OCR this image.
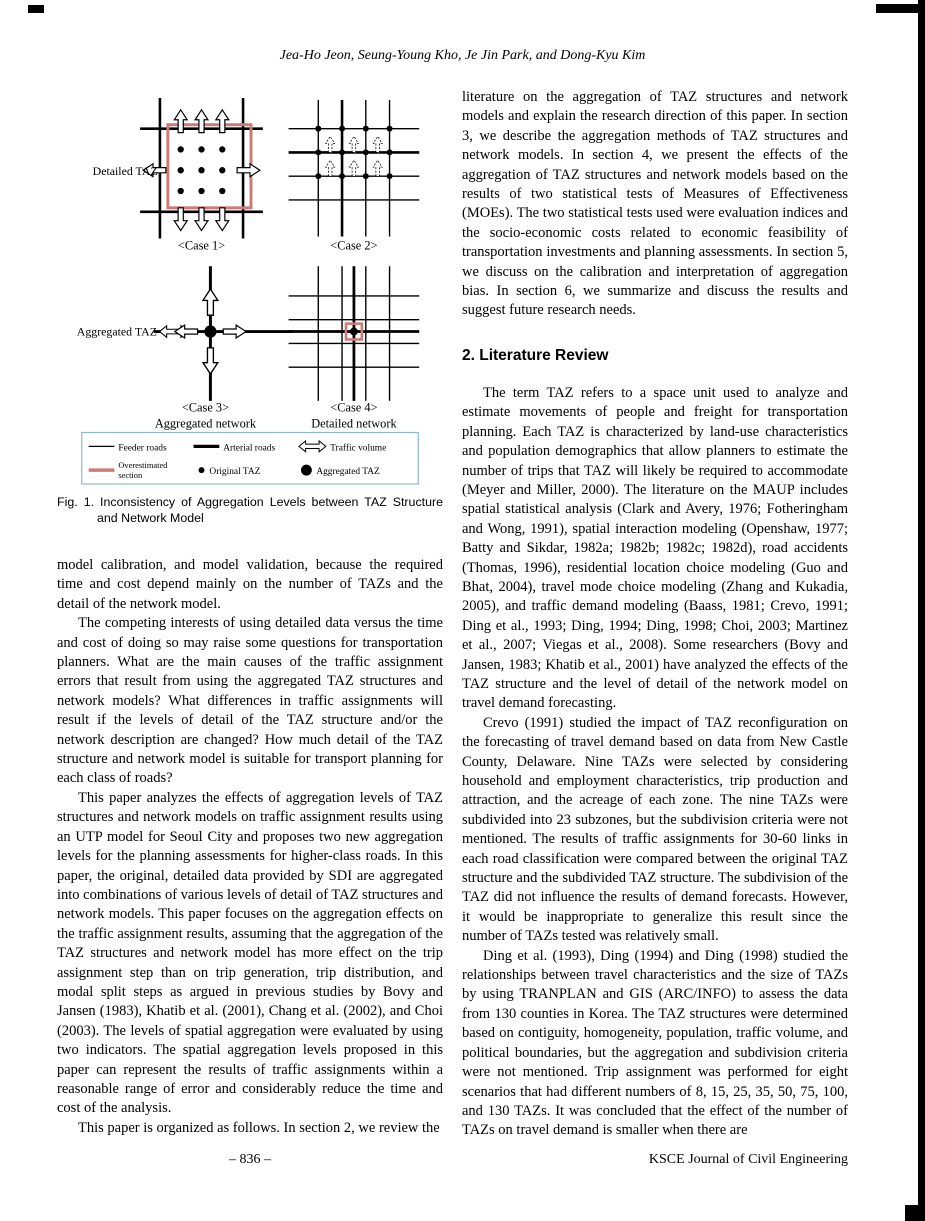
Jea-Ho Jeon, Seung-Young Kho, Je Jin Park, and Dong-Kyu Kim
Detailed TAZ
<Case 1>	<Case 2>
Aggregated TAZ
<Case 3>
Aggregated network
<Case 4>
Detailed network
Feeder roads	Arterial roads	Traffic volume
Overestimated
section	Original TAZ	Aggregated TAZ
Fig. 1. Inconsistency of Aggregation Levels between TAZ Structure and Network Model

model calibration, and model validation, because the required time and cost depend mainly on the number of TAZs and the detail of the network model.

The competing interests of using detailed data versus the time and cost of doing so may raise some questions for transportation planners. What are the main causes of the traffic assignment errors that result from using the aggregated TAZ structures and network models? What differences in traffic assignments will result if the levels of detail of the TAZ structure and/or the network description are changed? How much detail of the TAZ structure and network model is suitable for transport planning for each class of roads?

This paper analyzes the effects of aggregation levels of TAZ structures and network models on traffic assignment results using an UTP model for Seoul City and proposes two new aggregation levels for the planning assessments for higher-class roads. In this paper, the original, detailed data provided by SDI are aggregated into combinations of various levels of detail of TAZ structures and network models. This paper focuses on the aggregation effects on the traffic assignment results, assuming that the aggregation of the TAZ structures and network model has more effect on the trip assignment step than on trip generation, trip distribution, and modal split steps as argued in previous studies by Bovy and Jansen (1983), Khatib et al. (2001), Chang et al. (2002), and Choi (2003). The levels of spatial aggregation were evaluated by using two indicators. The spatial aggregation levels proposed in this paper can represent the results of traffic assignments within a reasonable range of error and considerably reduce the time and cost of the analysis.

This paper is organized as follows. In section 2, we review the

literature on the aggregation of TAZ structures and network models and explain the research direction of this paper. In section 3, we describe the aggregation methods of TAZ structures and network models. In section 4, we present the effects of the aggregation of TAZ structures and network models based on the results of two statistical tests of Measures of Effectiveness (MOEs). The two statistical tests used were evaluation indices and the socio-economic costs related to economic feasibility of transportation investments and planning assessments. In section 5, we discuss on the calibration and interpretation of aggregation bias. In section 6, we summarize and discuss the results and suggest future research needs.

2. Literature Review

The term TAZ refers to a space unit used to analyze and estimate movements of people and freight for transportation planning. Each TAZ is characterized by land-use characteristics and population demographics that allow planners to estimate the number of trips that TAZ will likely be required to accommodate (Meyer and Miller, 2000). The literature on the MAUP includes spatial statistical analysis (Clark and Avery, 1976; Fotheringham and Wong, 1991), spatial interaction modeling (Openshaw, 1977; Batty and Sikdar, 1982a; 1982b; 1982c; 1982d), road accidents (Thomas, 1996), residential location choice modeling (Guo and Bhat, 2004), travel mode choice modeling (Zhang and Kukadia, 2005), and traffic demand modeling (Baass, 1981; Crevo, 1991; Ding et al., 1993; Ding, 1994; Ding, 1998; Choi, 2003; Martinez et al., 2007; Viegas et al., 2008). Some researchers (Bovy and Jansen, 1983; Khatib et al., 2001) have analyzed the effects of the TAZ structure and the level of detail of the network model on travel demand forecasting.

Crevo (1991) studied the impact of TAZ reconfiguration on the forecasting of travel demand based on data from New Castle County, Delaware. Nine TAZs were selected by considering household and employment characteristics, trip production and attraction, and the acreage of each zone. The nine TAZs were subdivided into 23 subzones, but the subdivision criteria were not mentioned. The results of traffic assignments for 30-60 links in each road classification were compared between the original TAZ structure and the subdivided TAZ structure. The subdivision of the TAZ did not influence the results of demand forecasts. However, it would be inappropriate to generalize this result since the number of TAZs tested was relatively small.

Ding et al. (1993), Ding (1994) and Ding (1998) studied the relationships between travel characteristics and the size of TAZs by using TRANPLAN and GIS (ARC/INFO) to assess the data from 130 counties in Korea. The TAZ structures were determined based on contiguity, homogeneity, population, traffic volume, and political boundaries, but the aggregation and subdivision criteria were not mentioned. Trip assignment was performed for eight scenarios that had different numbers of 8, 15, 25, 35, 50, 75, 100, and 130 TAZs. It was concluded that the effect of the number of TAZs on travel demand is smaller when there are

– 836 –	KSCE Journal of Civil Engineering
